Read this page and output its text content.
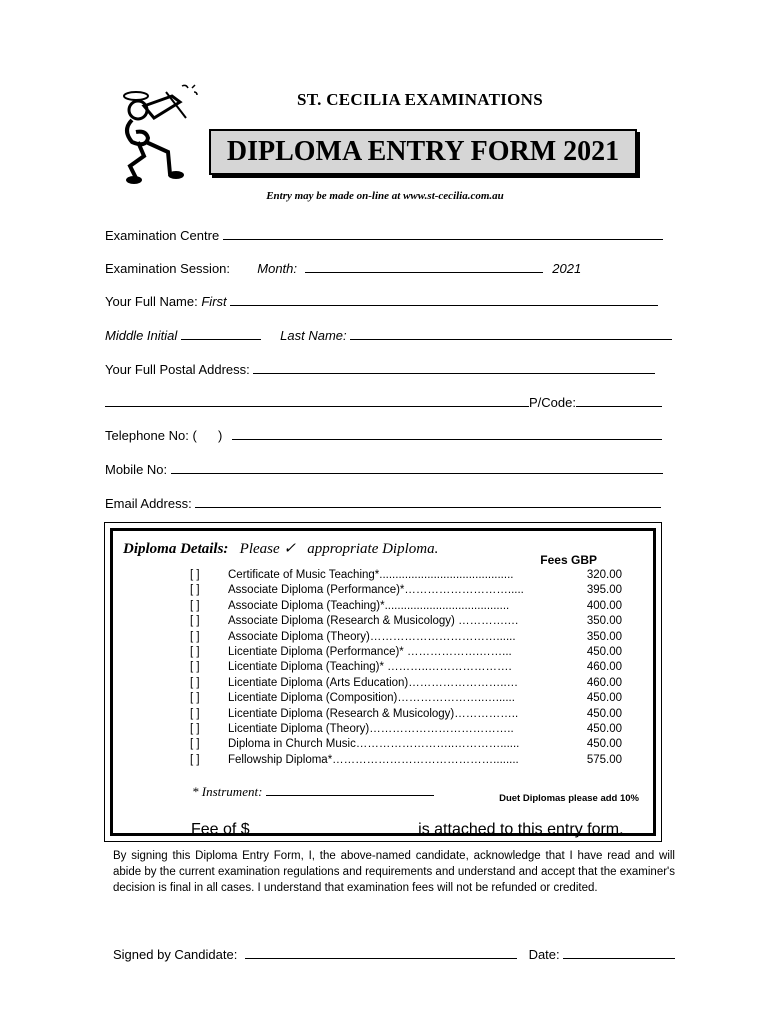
ST. CECILIA EXAMINATIONS
DIPLOMA ENTRY FORM 2021
Entry may be made on-line at www.st-cecilia.com.au
Examination Centre
Examination Session: Month:	2021
Your Full Name: First
Middle Initial	Last Name:
Your Full Postal Address:
P/Code:
Telephone No: ( )
Mobile No:
Email Address:
Diploma Details: Please ✓ appropriate Diploma.
Fees GBP
[ ]	Certificate of Music Teaching*..........................................	320.00
[ ]	Associate Diploma (Performance)*……………………….....	395.00
[ ]	Associate Diploma (Teaching)*.......................................	400.00
[ ]	Associate Diploma (Research & Musicology) ………….…	350.00
[ ]	Associate Diploma (Theory)……………………………......	350.00
[ ]	Licentiate Diploma (Performance)* ……………….……...	450.00
[ ]	Licentiate Diploma (Teaching)* ………..………………….	460.00
[ ]	Licentiate Diploma (Arts Education)……………………..…	460.00
[ ]	Licentiate Diploma (Composition)…………………..…......	450.00
[ ]	Licentiate Diploma (Research & Musicology)……………..	450.00
[ ]	Licentiate Diploma (Theory)………………………………..	450.00
[ ]	Diploma in Church Music……………………..…………......	450.00
[ ]	Fellowship Diploma*……………………………………........	575.00
* Instrument:	Duet Diplomas please add 10%
Fee of $	is attached to this entry form.
By signing this Diploma Entry Form, I, the above-named candidate, acknowledge that I have read and will abide by the current examination regulations and requirements and understand and accept that the examiner's decision is final in all cases. I understand that examination fees will not be refunded or credited.
Signed by Candidate:	Date:
